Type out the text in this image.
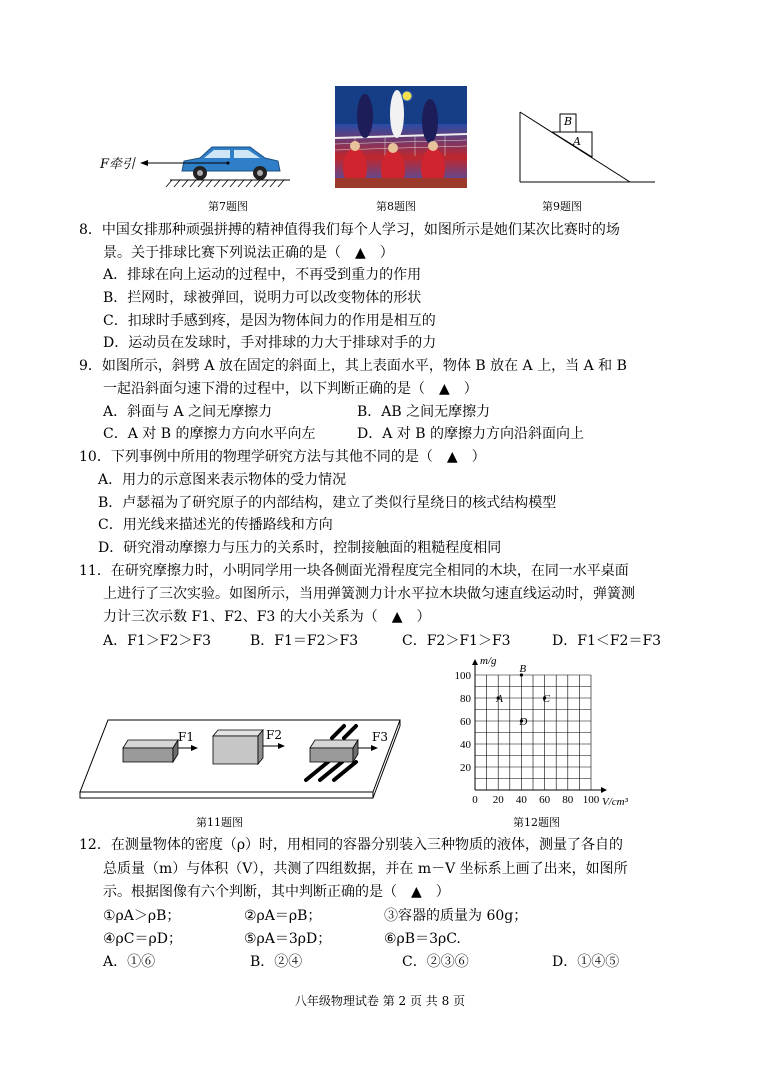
F牵引
B
A
第7题图	第8题图	第9题图
8．中国女排那种顽强拼搏的精神值得我们每个人学习，如图所示是她们某次比赛时的场
景。关于排球比赛下列说法正确的是（　▲　）
A．排球在向上运动的过程中，不再受到重力的作用
B．拦网时，球被弹回，说明力可以改变物体的形状
C．扣球时手感到疼，是因为物体间力的作用是相互的
D．运动员在发球时，手对排球的力大于排球对手的力
9．如图所示，斜劈 A 放在固定的斜面上，其上表面水平，物体 B 放在 A 上，当 A 和 B
一起沿斜面匀速下滑的过程中，以下判断正确的是（　▲　）
A．斜面与 A 之间无摩擦力	B．AB 之间无摩擦力
C．A 对 B 的摩擦力方向水平向左	D．A 对 B 的摩擦力方向沿斜面向上
10．下列事例中所用的物理学研究方法与其他不同的是（　▲　）
A．用力的示意图来表示物体的受力情况
B．卢瑟福为了研究原子的内部结构，建立了类似行星绕日的核式结构模型
C．用光线来描述光的传播路线和方向
D．研究滑动摩擦力与压力的关系时，控制接触面的粗糙程度相同
11．在研究摩擦力时，小明同学用一块各侧面光滑程度完全相同的木块，在同一水平桌面
上进行了三次实验。如图所示，当用弹簧测力计水平拉木块做匀速直线运动时，弹簧测
力计三次示数 F1、F2、F3 的大小关系为（　▲　）
A．F1＞F2＞F3	B．F1＝F2＞F3	C．F2＞F1＞F3	D．F1＜F2＝F3
F1	F2	F3
第11题图
0 20 40 60 80 100
20
40
60
80
100
A
B
C
D
m/g
V/cm³
第12题图
12．在测量物体的密度（ρ）时，用相同的容器分别装入三种物质的液体，测量了各自的
总质量（m）与体积（V），共测了四组数据，并在 m－V 坐标系上画了出来，如图所
示。根据图像有六个判断，其中判断正确的是（　▲　）
①ρA＞ρB；	②ρA＝ρB；	③容器的质量为 60g；
④ρC＝ρD；	⑤ρA＝3ρD；	⑥ρB＝3ρC.
A．①⑥	B．②④	C．②③⑥	D．①④⑤
八年级物理试卷 第 2 页 共 8 页
